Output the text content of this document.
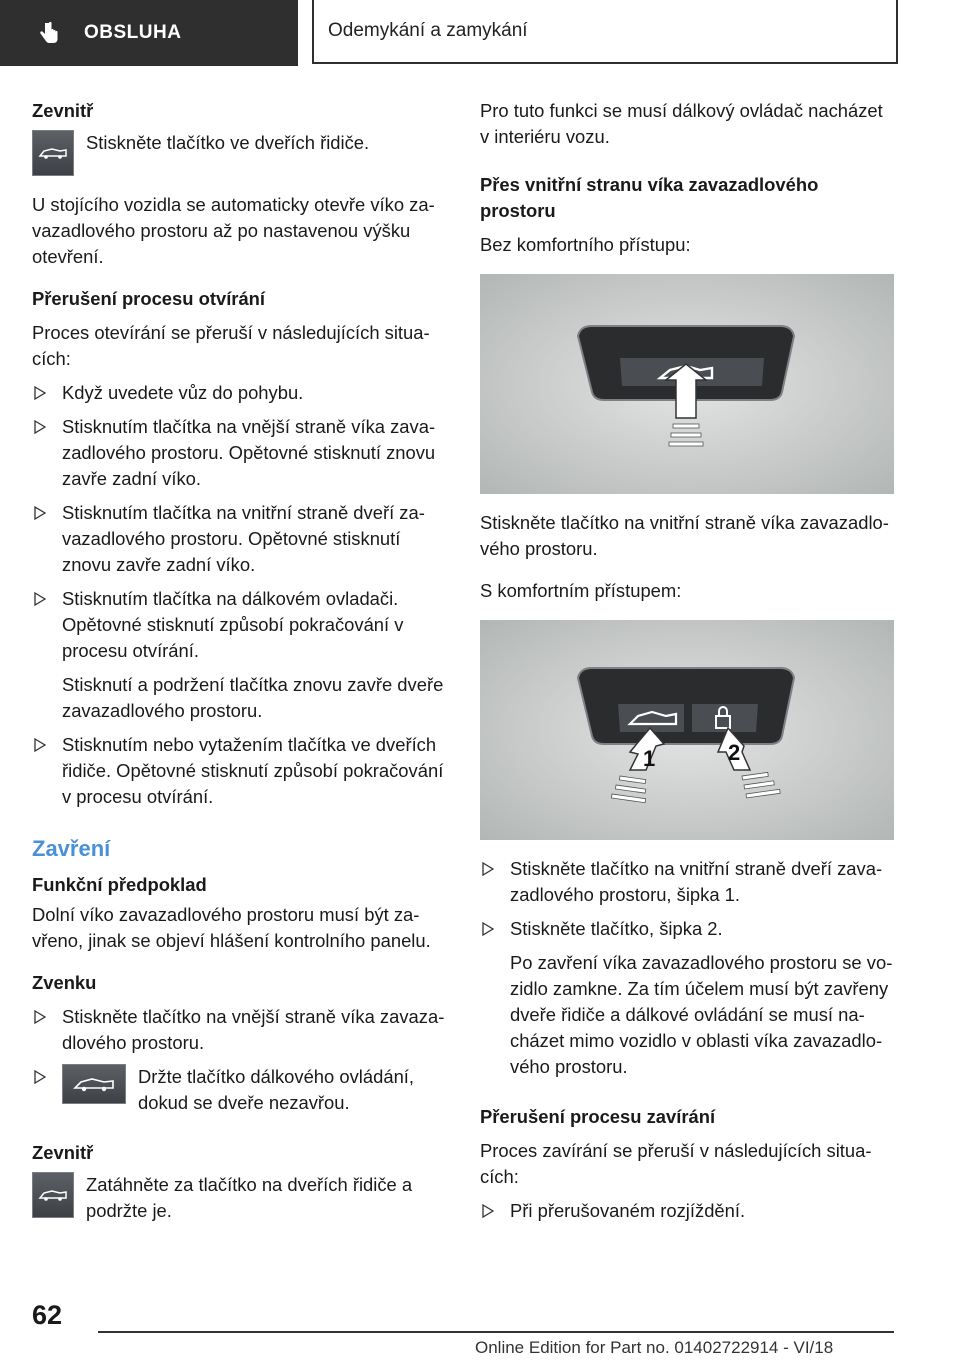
OBSLUHA	Odemykání a zamykání
Zevnitř

Stiskněte tlačítko ve dveřích řidiče.

U stojícího vozidla se automaticky otevře víko zavazadlového prostoru až po nastavenou výšku otevření.

Přerušení procesu otvírání

Proces otevírání se přeruší v následujících situacích:

Když uvedete vůz do pohybu.
Stisknutím tlačítka na vnější straně víka zavazadlového prostoru. Opětovné stisknutí znovu zavře zadní víko.
Stisknutím tlačítka na vnitřní straně dveří zavazadlového prostoru. Opětovné stisknutí znovu zavře zadní víko.
Stisknutím tlačítka na dálkovém ovladači. Opětovné stisknutí způsobí pokračování v procesu otvírání.
Stisknutí a podržení tlačítka znovu zavře dveře zavazadlového prostoru.
Stisknutím nebo vytažením tlačítka ve dveřích řidiče. Opětovné stisknutí způsobí pokračování v procesu otvírání.
Zavření
Funkční předpoklad

Dolní víko zavazadlového prostoru musí být zavřeno, jinak se objeví hlášení kontrolního panelu.

Zvenku
Stiskněte tlačítko na vnější straně víka zavazadlového prostoru.
Držte tlačítko dálkového ovládání, dokud se dveře nezavřou.
Zevnitř

Zatáhněte za tlačítko na dveřích řidiče a podržte je.

Pro tuto funkci se musí dálkový ovládač nacházet v interiéru vozu.

Přes vnitřní stranu víka zavazadlového prostoru

Bez komfortního přístupu:

Stiskněte tlačítko na vnitřní straně víka zavazadlového prostoru.

S komfortním přístupem:

1	2
Stiskněte tlačítko na vnitřní straně dveří zavazadlového prostoru, šipka 1.
Stiskněte tlačítko, šipka 2.
Po zavření víka zavazadlového prostoru se vozidlo zamkne. Za tím účelem musí být zavřeny dveře řidiče a dálkové ovládání se musí nacházet mimo vozidlo v oblasti víka zavazadlového prostoru.
Přerušení procesu zavírání

Proces zavírání se přeruší v následujících situacích:

Při přerušovaném rozjíždění.
62
Online Edition for Part no. 01402722914 - VI/18
